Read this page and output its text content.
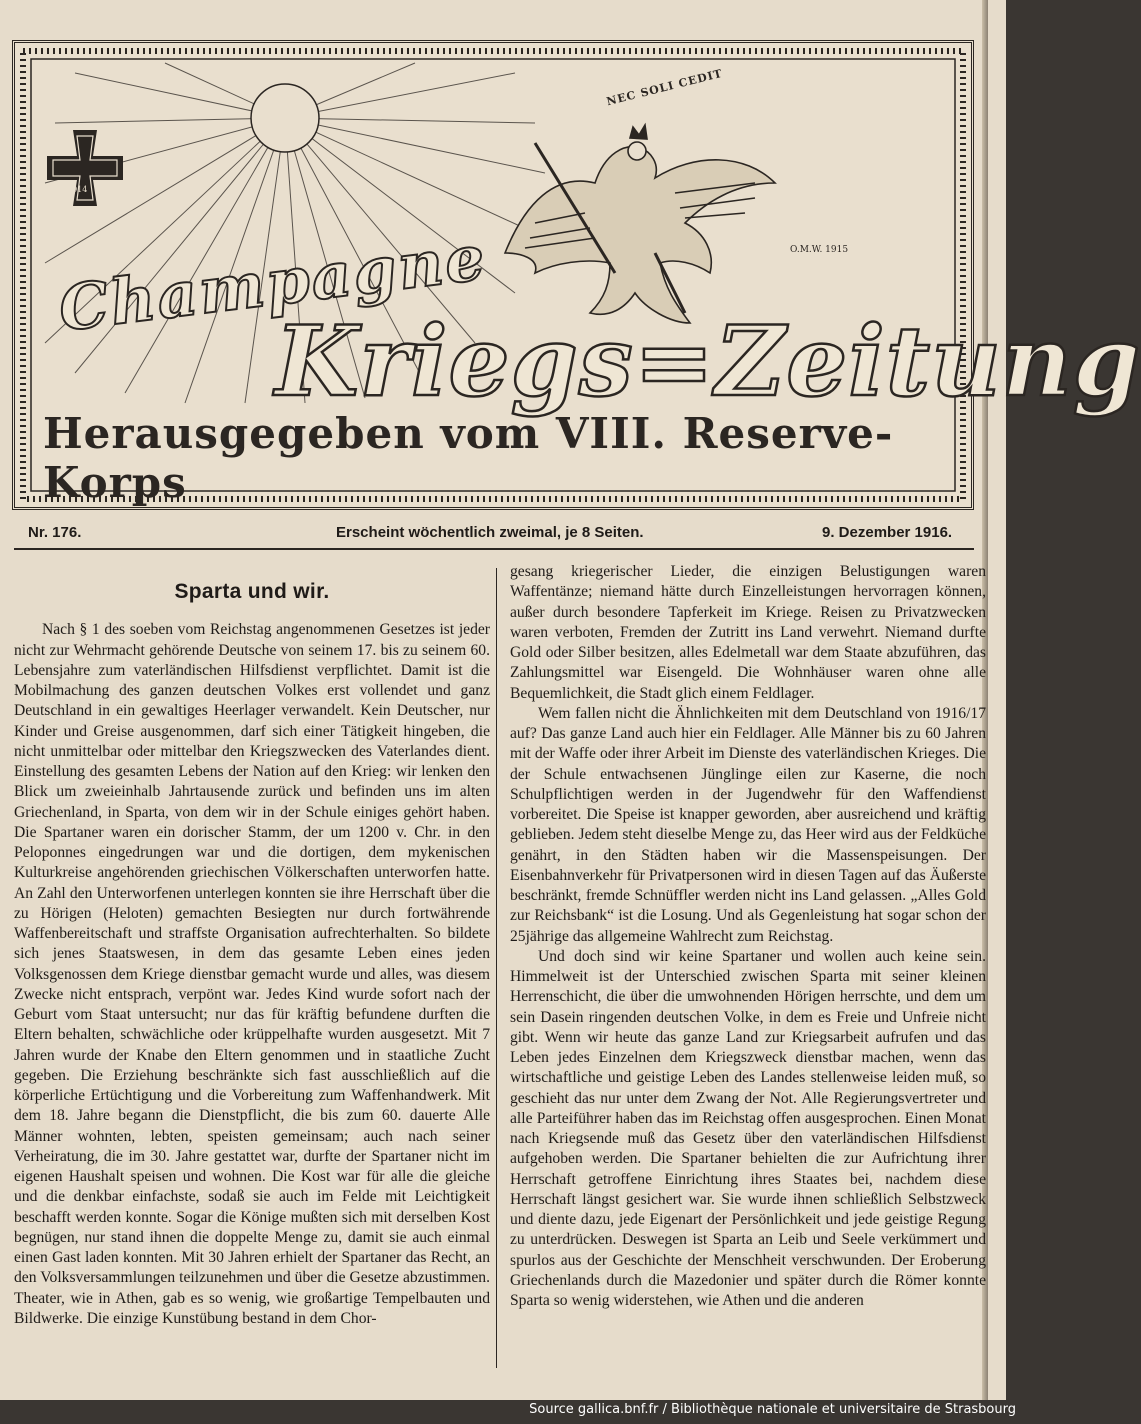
NEC SOLI CEDIT
1914
O.M.W. 1915
Champagne
Kriegs=Zeitung
Herausgegeben vom VIII. Reserve-Korps
Nr. 176.	Erscheint wöchentlich zweimal, je 8 Seiten.	9. Dezember 1916.
Sparta und wir.

Nach § 1 des soeben vom Reichstag angenommenen Gesetzes ist jeder nicht zur Wehrmacht gehörende Deutsche von seinem 17. bis zu seinem 60. Lebensjahre zum vaterländischen Hilfsdienst verpflichtet. Damit ist die Mobilmachung des ganzen deutschen Volkes erst vollendet und ganz Deutschland in ein gewaltiges Heerlager verwandelt. Kein Deutscher, nur Kinder und Greise ausgenommen, darf sich einer Tätigkeit hingeben, die nicht unmittelbar oder mittelbar den Kriegszwecken des Vaterlandes dient. Einstellung des gesamten Lebens der Nation auf den Krieg: wir lenken den Blick um zweieinhalb Jahrtausende zurück und befinden uns im alten Griechenland, in Sparta, von dem wir in der Schule einiges gehört haben. Die Spartaner waren ein dorischer Stamm, der um 1200 v. Chr. in den Peloponnes eingedrungen war und die dortigen, dem mykenischen Kulturkreise angehörenden griechischen Völkerschaften unterworfen hatte. An Zahl den Unterworfenen unterlegen konnten sie ihre Herrschaft über die zu Hörigen (Heloten) gemachten Besiegten nur durch fortwährende Waffenbereitschaft und straffste Organisation aufrechterhalten. So bildete sich jenes Staatswesen, in dem das gesamte Leben eines jeden Volksgenossen dem Kriege dienstbar gemacht wurde und alles, was diesem Zwecke nicht entsprach, verpönt war. Jedes Kind wurde sofort nach der Geburt vom Staat untersucht; nur das für kräftig befundene durften die Eltern behalten, schwächliche oder krüppelhafte wurden ausgesetzt. Mit 7 Jahren wurde der Knabe den Eltern genommen und in staatliche Zucht gegeben. Die Erziehung beschränkte sich fast ausschließlich auf die körperliche Ertüchtigung und die Vorbereitung zum Waffenhandwerk. Mit dem 18. Jahre begann die Dienstpflicht, die bis zum 60. dauerte Alle Männer wohnten, lebten, speisten gemeinsam; auch nach seiner Verheiratung, die im 30. Jahre gestattet war, durfte der Spartaner nicht im eigenen Haushalt speisen und wohnen. Die Kost war für alle die gleiche und die denkbar einfachste, sodaß sie auch im Felde mit Leichtigkeit beschafft werden konnte. Sogar die Könige mußten sich mit derselben Kost begnügen, nur stand ihnen die doppelte Menge zu, damit sie auch einmal einen Gast laden konnten. Mit 30 Jahren erhielt der Spartaner das Recht, an den Volksversammlungen teilzunehmen und über die Gesetze abzustimmen. Theater, wie in Athen, gab es so wenig, wie großartige Tempelbauten und Bildwerke. Die einzige Kunstübung bestand in dem Chor-

gesang kriegerischer Lieder, die einzigen Belustigungen waren Waffentänze; niemand hätte durch Einzelleistungen hervorragen können, außer durch besondere Tapferkeit im Kriege. Reisen zu Privatzwecken waren verboten, Fremden der Zutritt ins Land verwehrt. Niemand durfte Gold oder Silber besitzen, alles Edelmetall war dem Staate abzuführen, das Zahlungsmittel war Eisengeld. Die Wohnhäuser waren ohne alle Bequemlichkeit, die Stadt glich einem Feldlager.

Wem fallen nicht die Ähnlichkeiten mit dem Deutschland von 1916/17 auf? Das ganze Land auch hier ein Feldlager. Alle Männer bis zu 60 Jahren mit der Waffe oder ihrer Arbeit im Dienste des vaterländischen Krieges. Die der Schule entwachsenen Jünglinge eilen zur Kaserne, die noch Schulpflichtigen werden in der Jugendwehr für den Waffendienst vorbereitet. Die Speise ist knapper geworden, aber ausreichend und kräftig geblieben. Jedem steht dieselbe Menge zu, das Heer wird aus der Feldküche genährt, in den Städten haben wir die Massenspeisungen. Der Eisenbahnverkehr für Privatpersonen wird in diesen Tagen auf das Äußerste beschränkt, fremde Schnüffler werden nicht ins Land gelassen. „Alles Gold zur Reichsbank“ ist die Losung. Und als Gegenleistung hat sogar schon der 25jährige das allgemeine Wahlrecht zum Reichstag.

Und doch sind wir keine Spartaner und wollen auch keine sein. Himmelweit ist der Unterschied zwischen Sparta mit seiner kleinen Herrenschicht, die über die umwohnenden Hörigen herrschte, und dem um sein Dasein ringenden deutschen Volke, in dem es Freie und Unfreie nicht gibt. Wenn wir heute das ganze Land zur Kriegsarbeit aufrufen und das Leben jedes Einzelnen dem Kriegszweck dienstbar machen, wenn das wirtschaftliche und geistige Leben des Landes stellenweise leiden muß, so geschieht das nur unter dem Zwang der Not. Alle Regierungsvertreter und alle Parteiführer haben das im Reichstag offen ausgesprochen. Einen Monat nach Kriegsende muß das Gesetz über den vaterländischen Hilfsdienst aufgehoben werden. Die Spartaner behielten die zur Aufrichtung ihrer Herrschaft getroffene Einrichtung ihres Staates bei, nachdem diese Herrschaft längst gesichert war. Sie wurde ihnen schließlich Selbstzweck und diente dazu, jede Eigenart der Persönlichkeit und jede geistige Regung zu unterdrücken. Deswegen ist Sparta an Leib und Seele verkümmert und spurlos aus der Geschichte der Menschheit verschwunden. Der Eroberung Griechenlands durch die Mazedonier und später durch die Römer konnte Sparta so wenig widerstehen, wie Athen und die anderen

Source gallica.bnf.fr / Bibliothèque nationale et universitaire de Strasbourg
